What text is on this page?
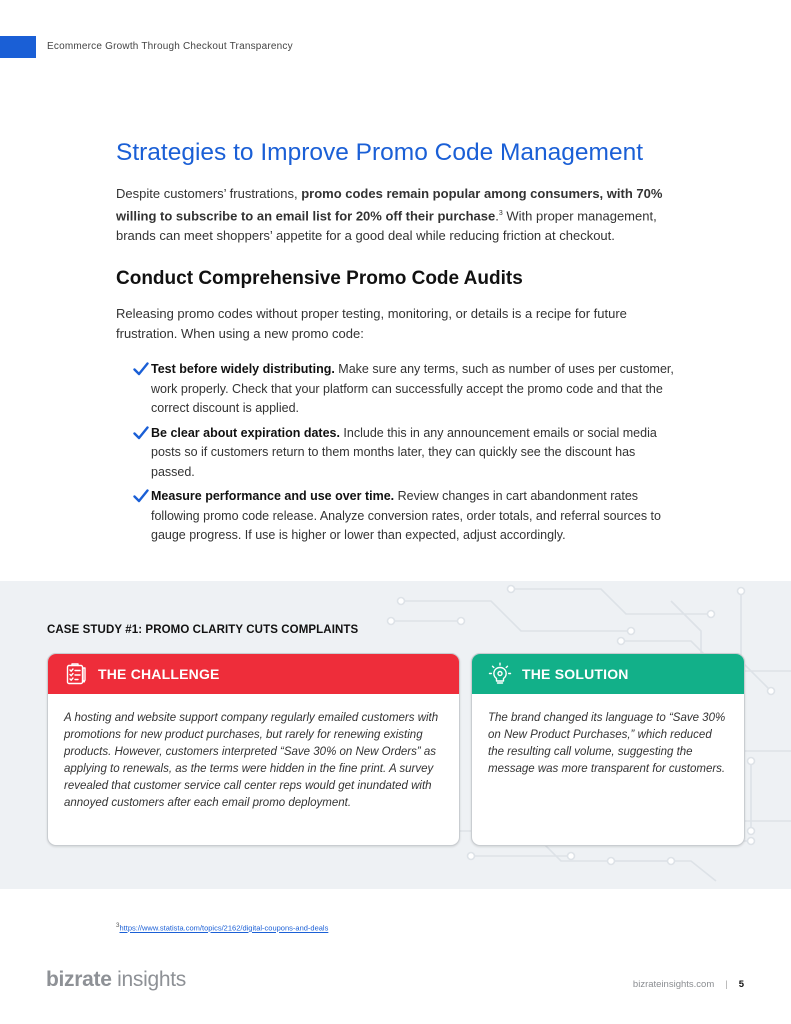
Ecommerce Growth Through Checkout Transparency
Strategies to Improve Promo Code Management

Despite customers’ frustrations, promo codes remain popular among consumers, with 70% willing to subscribe to an email list for 20% off their purchase.$^3$ With proper management, brands can meet shoppers’ appetite for a good deal while reducing friction at checkout.

Conduct Comprehensive Promo Code Audits

Releasing promo codes without proper testing, monitoring, or details is a recipe for future frustration. When using a new promo code:

Test before widely distributing. Make sure any terms, such as number of uses per customer, work properly. Check that your platform can successfully accept the promo code and that the correct discount is applied.
Be clear about expiration dates. Include this in any announcement emails or social media posts so if customers return to them months later, they can quickly see the discount has passed.
Measure performance and use over time. Review changes in cart abandonment rates following promo code release. Analyze conversion rates, order totals, and referral sources to gauge progress. If use is higher or lower than expected, adjust accordingly.
CASE STUDY #1: PROMO CLARITY CUTS COMPLAINTS
THE CHALLENGE
A hosting and website support company regularly emailed customers with promotions for new product purchases, but rarely for renewing existing products. However, customers interpreted “Save 30% on New Orders” as applying to renewals, as the terms were hidden in the fine print. A survey revealed that customer service call center reps would get inundated with annoyed customers after each email promo deployment.
THE SOLUTION
The brand changed its language to “Save 30% on New Product Purchases,” which reduced the resulting call volume, suggesting the message was more transparent for customers.
$^3$https://www.statista.com/topics/2162/digital-coupons-and-deals
bizrate insights	bizrateinsights.com | 5
